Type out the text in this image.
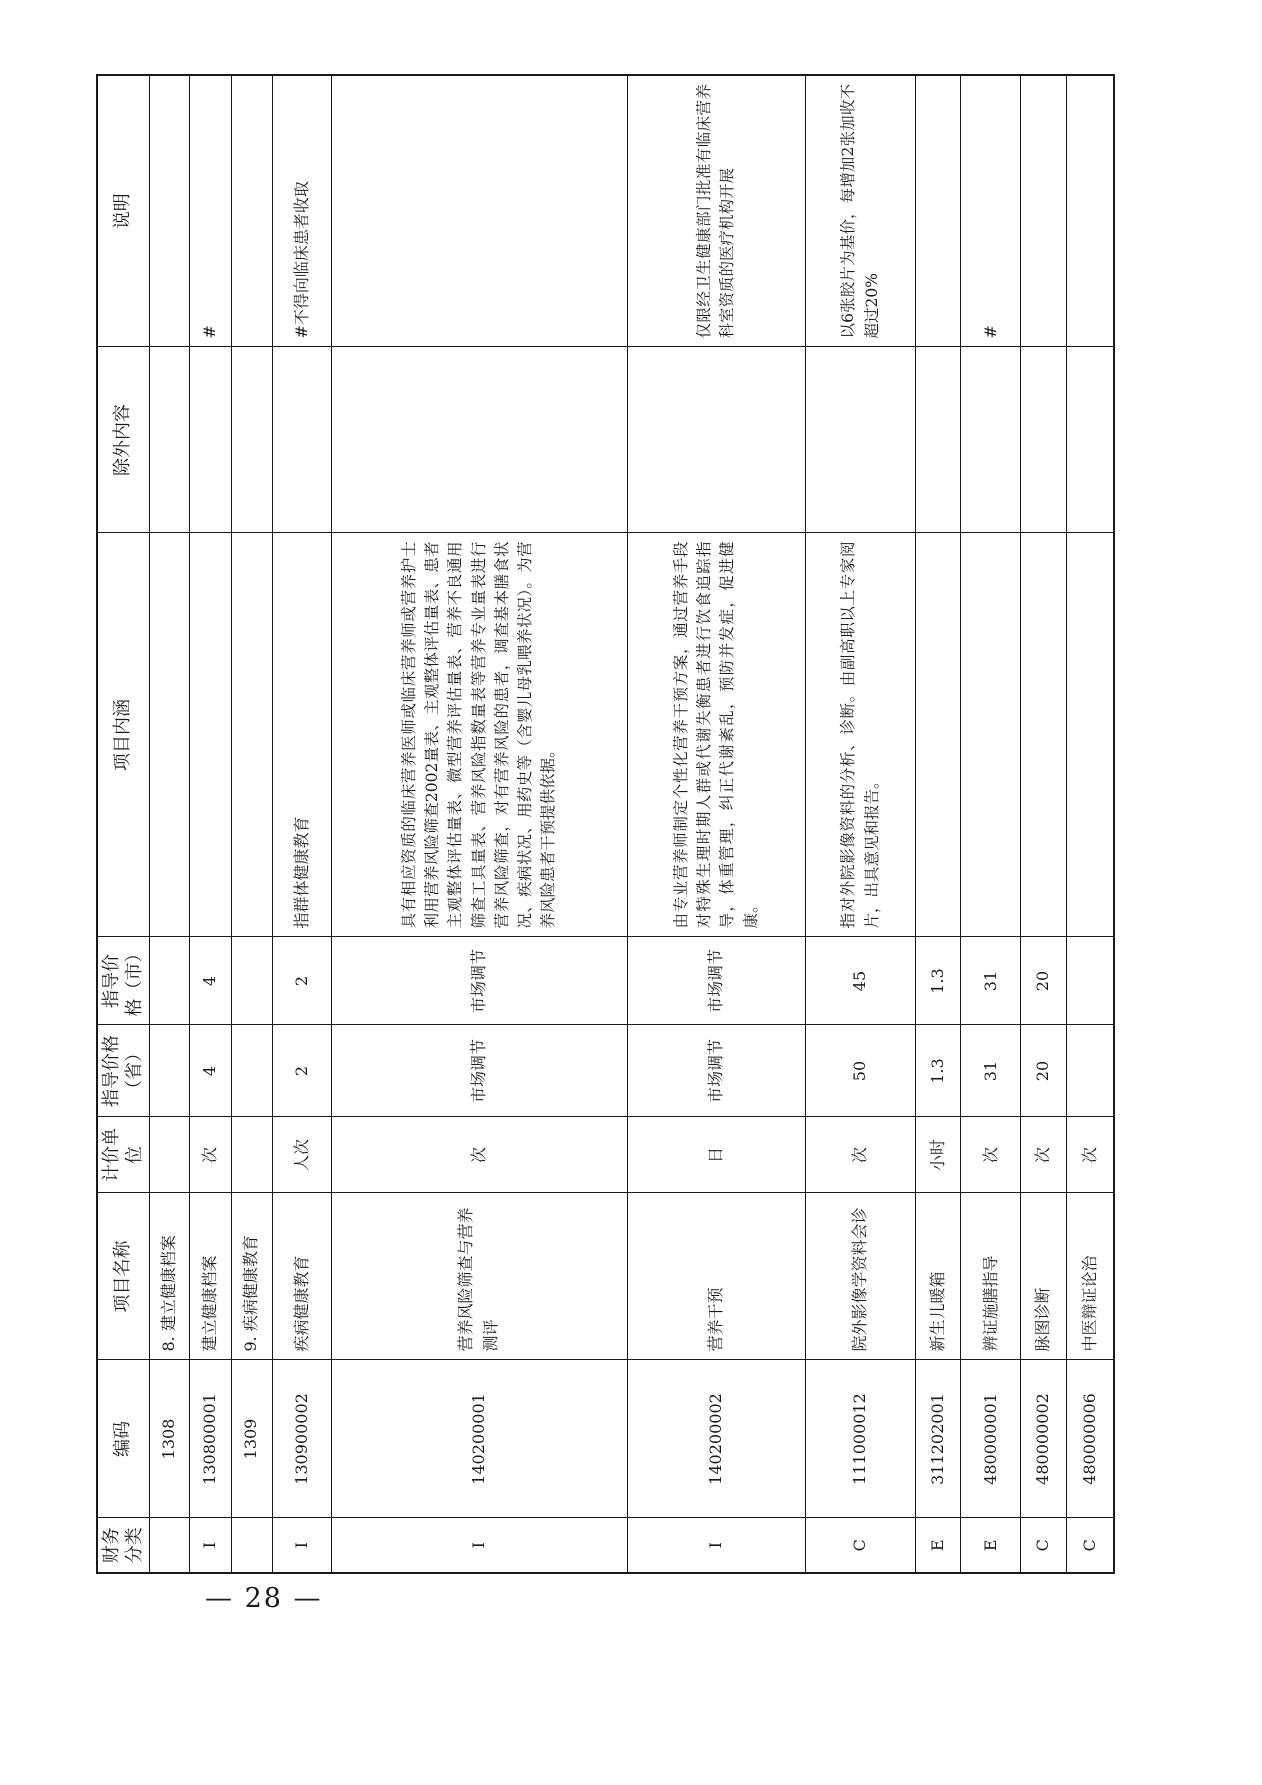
财务分类	编码	项目名称	计价单位	指导价格（省）	指导价格（市）	项目内涵	除外内容	说明
	1308	8. 建立健康档案						
I	130800001	建立健康档案	次	4	4			#
	1309	9. 疾病健康教育						
I	130900002	疾病健康教育	人次	2	2	指群体健康教育		#不得向临床患者收取
I	140200001	营养风险筛查与营养测评	次	市场调节	市场调节	具有相应资质的临床营养医师或临床营养师或营养护士利用营养风险筛查2002量表、主观整体评估量表、患者主观整体评估量表、微型营养评估量表、营养不良通用筛查工具量表、营养风险指数量表等营养专业量表进行营养风险筛查，对有营养风险的患者，调查基本膳食状况、疾病状况、用药史等（含婴儿母乳喂养状况）。为营养风险患者干预提供依据。		
I	140200002	营养干预	日	市场调节	市场调节	由专业营养师制定个性化营养干预方案，通过营养手段对特殊生理时期人群或代谢失衡患者进行饮食追踪指导，体重管理，纠正代谢紊乱，预防并发症，促进健康。		仅限经卫生健康部门批准有临床营养科室资质的医疗机构开展
C	111000012	院外影像学资料会诊	次	50	45	指对外院影像资料的分析、诊断。由副高职以上专家阅片，出具意见和报告。		以6张胶片为基价，每增加2张加收不超过20%
E	311202001	新生儿暖箱	小时	1.3	1.3			
E	480000001	辨证施膳指导	次	31	31			#
C	480000002	脉图诊断	次	20	20			
C	480000006	中医辩证论治	次					
— 28 —
